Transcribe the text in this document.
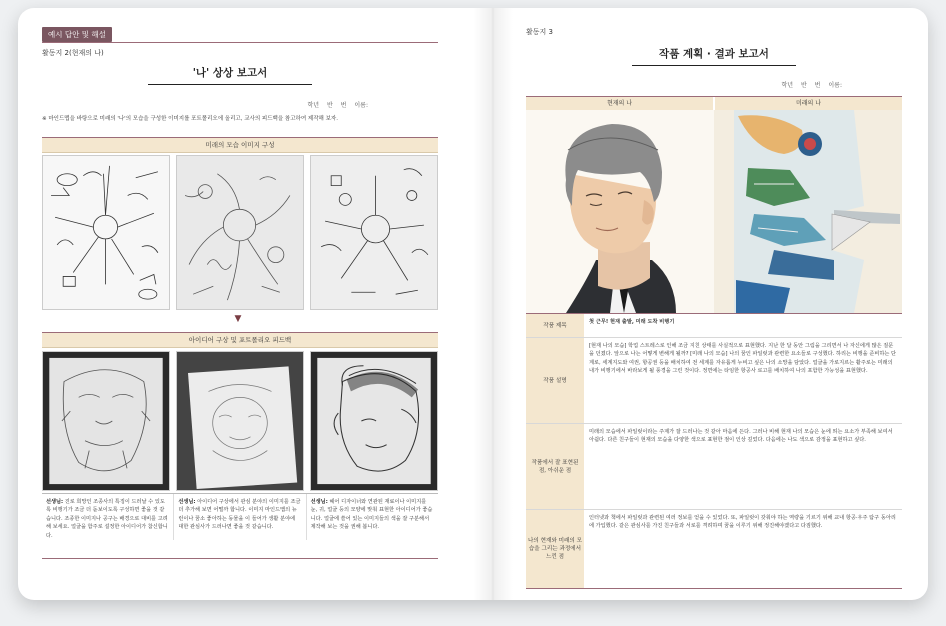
예시 답안 및 해설
활동지 2(현재의 나)
'나' 상상 보고서
학년 반 번 이름:
※ 마인드맵을 바탕으로 미래의 '나'의 모습을 구성한 이미지를 포트폴리오에 올리고, 교사의 피드백을 참고하여 제작해 보자.
미래의 모습 이미지 구성
▼
아이디어 구상 및 포트폴리오 피드백
선생님: 진로 희망인 조종사의 특징이 드러날 수 있도록 비행기가 조금 더 돋보이도록 구성하면 좋을 것 같습니다. 조종한 이미지나 공구는 배경으로 대비를 고려해 보세요. 얼굴을 함주로 설정한 아이디어가 참신합니다.
선생님: 아이디어 구상에서 관심 분야의 이미지를 조금 더 추가해 보면 어떨까 합니다. 이미지 마인드맵의 뉴런이나 꿈소 좋아하는 동물을 이 들어가 생활 분야에 대한 관심사가 드러나면 좋을 것 같습니다.
선생님: 헤어 디자이너와 연관된 재료이나 이미지를 눈, 귀, 얼굴 등의 모양에 맞춰 표현한 아이디어가 좋습니다. 얼굴에 쓸어 있는 이미지들의 색을 잘 구분해서 제작해 보는 것을 권해 봅니다.
활동지 3
작품 계획 · 결과 보고서
학년 반 번 이름:
현재의 나	미래의 나
작품 제목
첫 근무! 현재 출발, 미래 도착 비행기
작품 설명
[현재 나의 모습] 학업 스트레스로 인해 조금 지친 상태를 사실적으로 표현했다. 지난 한 달 동안 그림을 그리면서 나 자신에게 많은 질문을 던졌다. 앞으로 나는 어떻게 변해게 될까? [미래 나의 모습] 나의 꿈인 파일럿과 관련한 요소들로 구성했다. 하리는 비행을 준비하는 단계로, 세계지도와 여권, 항공권 등을 배치하여 전 세계를 자유롭게 누비고 싶은 나의 소망을 담았다. 얼굴을 가로지르는 활주로는 미래의 내가 비행기에서 바라보게 될 풍경을 그린 것이다. 정면에는 타임한 항공사 로고를 배치하여 나의 포함한 가능성을 표현했다.
작품에서 잘 표현된 점, 아쉬운 점
미래의 모습에서 파일럿이라는 주제가 잘 드러나는 것 같아 마음에 든다. 그러나 비해 현재 나의 모습은 눈에 띄는 요소가 부족해 보여서 아쉽다. 다른 친구들이 현재의 모습을 다양한 색으로 표현한 점이 인상 깊었다. 다음에는 나도 색으로 감정을 표현하고 싶다.
나의 현재와 미래의 모습을 그리는 과정에서 느낀 점
인터넷과 책에서 파일럿과 관련된 여러 정보를 얻을 수 있었다. 또, 파일럿이 갖춰야 하는 역량을 기르기 위해 교내 항공·우주 탐구 동아리에 가입했다. 같은 관심사를 가진 친구들과 서로를 격려하며 꿈을 이루기 위해 정진해야겠다고 다짐했다.
